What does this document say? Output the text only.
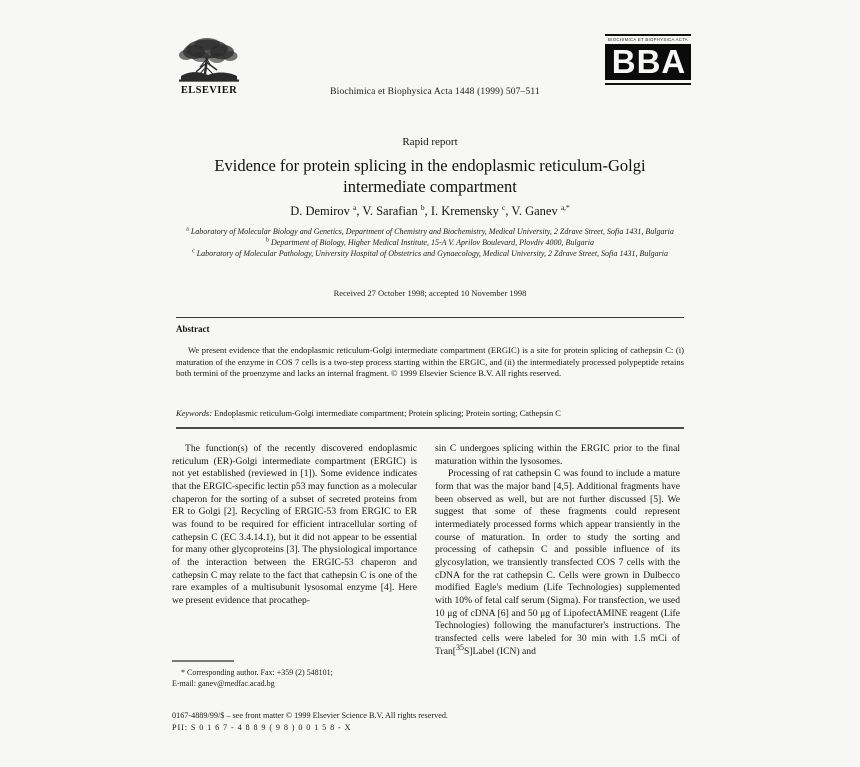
ELSEVIER	Biochimica et Biophysica Acta 1448 (1999) 507–511
BIOCHIMICA ET BIOPHYSICA ACTA
BBA
Rapid report
Evidence for protein splicing in the endoplasmic reticulum-Golgi intermediate compartment
D. Demirov $^a$, V. Sarafian $^b$, I. Kremensky $^c$, V. Ganev $^{a,*}$
$^a$ Laboratory of Molecular Biology and Genetics, Department of Chemistry and Biochemistry, Medical University, 2 Zdrave Street, Sofia 1431, Bulgaria
$^b$ Department of Biology, Higher Medical Institute, 15-A V. Aprilov Boulevard, Plovdiv 4000, Bulgaria
$^c$ Laboratory of Molecular Pathology, University Hospital of Obstetrics and Gynaecology, Medical University, 2 Zdrave Street, Sofia 1431, Bulgaria
Received 27 October 1998; accepted 10 November 1998
Abstract
We present evidence that the endoplasmic reticulum-Golgi intermediate compartment (ERGIC) is a site for protein splicing of cathepsin C: (i) maturation of the enzyme in COS 7 cells is a two-step process starting within the ERGIC, and (ii) the intermediately processed polypeptide retains both termini of the proenzyme and lacks an internal fragment. © 1999 Elsevier Science B.V. All rights reserved.
Keywords: Endoplasmic reticulum-Golgi intermediate compartment; Protein splicing; Protein sorting; Cathepsin C

The function(s) of the recently discovered endoplasmic reticulum (ER)-Golgi intermediate compartment (ERGIC) is not yet established (reviewed in [1]). Some evidence indicates that the ERGIC-specific lectin p53 may function as a molecular chaperon for the sorting of a subset of secreted proteins from ER to Golgi [2]. Recycling of ERGIC-53 from ERGIC to ER was found to be required for efficient intracellular sorting of cathepsin C (EC 3.4.14.1), but it did not appear to be essential for many other glycoproteins [3]. The physiological importance of the interaction between the ERGIC-53 chaperon and cathepsin C may relate to the fact that cathepsin C is one of the rare examples of a multisubunit lysosomal enzyme [4]. Here we present evidence that procathep-

sin C undergoes splicing within the ERGIC prior to the final maturation within the lysosomes.

Processing of rat cathepsin C was found to include a mature form that was the major band [4,5]. Additional fragments have been observed as well, but are not further discussed [5]. We suggest that some of these fragments could represent intermediately processed forms which appear transiently in the course of maturation. In order to study the sorting and processing of cathepsin C and possible influence of its glycosylation, we transiently transfected COS 7 cells with the cDNA for the rat cathepsin C. Cells were grown in Dulbecco modified Eagle's medium (Life Technologies) supplemented with 10% of fetal calf serum (Sigma). For transfection, we used 10 μg of cDNA [6] and 50 μg of LipofectAMINE reagent (Life Technologies) following the manufacturer's instructions. The transfected cells were labeled for 30 min with 1.5 mCi of Tran[$^{35}$S]Label (ICN) and

* Corresponding author. Fax: +359 (2) 548101;
E-mail: ganev@medfac.acad.bg
0167-4889/99/$ – see front matter © 1999 Elsevier Science B.V. All rights reserved.
PII: S 0 1 6 7 - 4 8 8 9 ( 9 8 ) 0 0 1 5 8 - X
